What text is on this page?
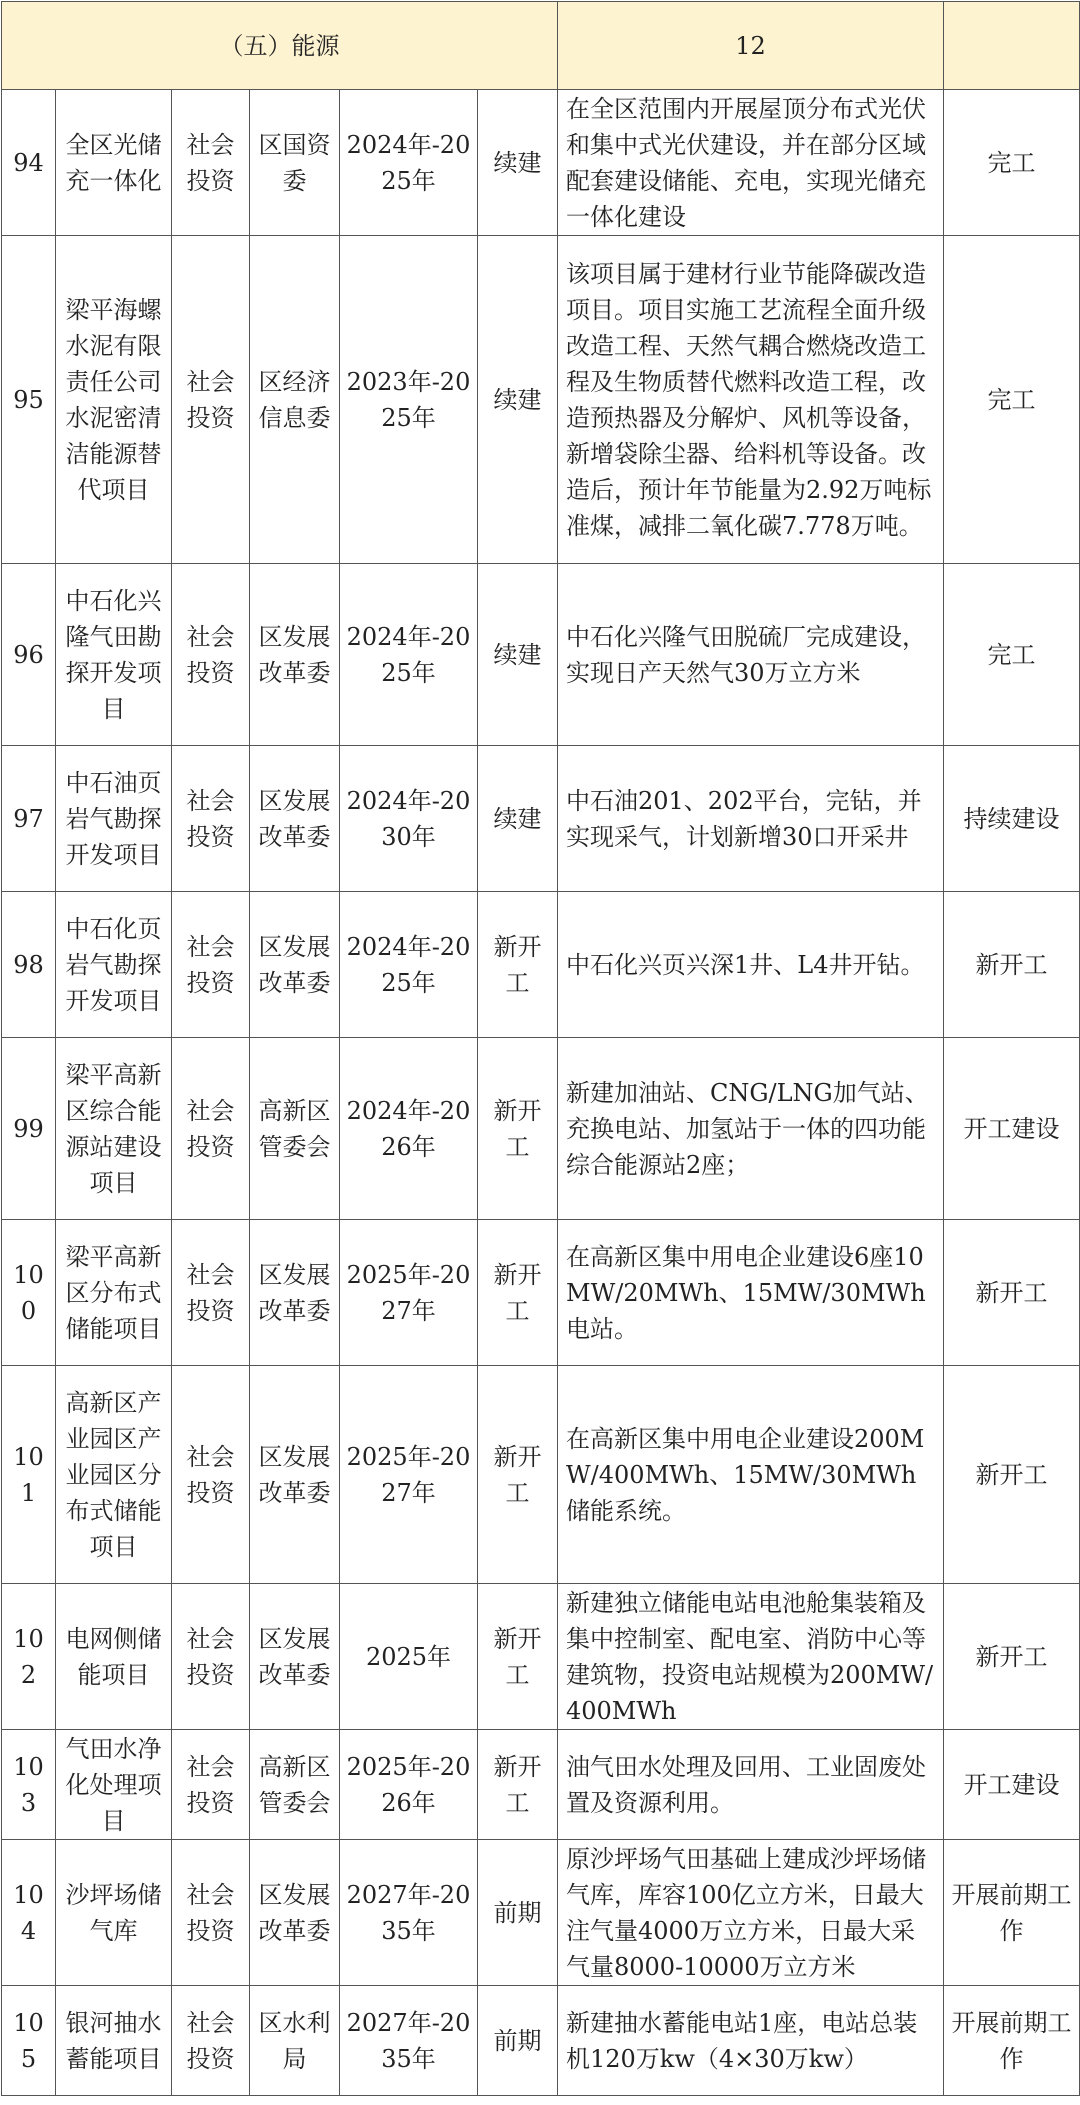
（五）能源						12	
94	全区光储充一体化	社会投资	区国资委	2024年-2025年	续建	在全区范围内开展屋顶分布式光伏和集中式光伏建设，并在部分区域配套建设储能、充电，实现光储充一体化建设	完工
95	梁平海螺水泥有限责任公司水泥密清洁能源替代项目	社会投资	区经济信息委	2023年-2025年	续建	该项目属于建材行业节能降碳改造项目。项目实施工艺流程全面升级改造工程、天然气耦合燃烧改造工程及生物质替代燃料改造工程，改造预热器及分解炉、风机等设备，新增袋除尘器、给料机等设备。改造后，预计年节能量为2.92万吨标准煤，减排二氧化碳7.778万吨。	完工
96	中石化兴隆气田勘探开发项目	社会投资	区发展改革委	2024年-2025年	续建	中石化兴隆气田脱硫厂完成建设，实现日产天然气30万立方米	完工
97	中石油页岩气勘探开发项目	社会投资	区发展改革委	2024年-2030年	续建	中石油201、202平台，完钻，并实现采气，计划新增30口开采井	持续建设
98	中石化页岩气勘探开发项目	社会投资	区发展改革委	2024年-2025年	新开工	中石化兴页兴深1井、L4井开钻。	新开工
99	梁平高新区综合能源站建设项目	社会投资	高新区管委会	2024年-2026年	新开工	新建加油站、CNG/LNG加气站、充换电站、加氢站于一体的四功能综合能源站2座；	开工建设
100	梁平高新区分布式储能项目	社会投资	区发展改革委	2025年-2027年	新开工	在高新区集中用电企业建设6座10MW/20MWh、15MW/30MWh电站。	新开工
101	高新区产业园区产业园区分布式储能项目	社会投资	区发展改革委	2025年-2027年	新开工	在高新区集中用电企业建设200MW/400MWh、15MW/30MWh储能系统。	新开工
102	电网侧储能项目	社会投资	区发展改革委	2025年	新开工	新建独立储能电站电池舱集装箱及集中控制室、配电室、消防中心等建筑物，投资电站规模为200MW/400MWh	新开工
103	气田水净化处理项目	社会投资	高新区管委会	2025年-2026年	新开工	油气田水处理及回用、工业固废处置及资源利用。	开工建设
104	沙坪场储气库	社会投资	区发展改革委	2027年-2035年	前期	原沙坪场气田基础上建成沙坪场储气库，库容100亿立方米，日最大注气量4000万立方米，日最大采气量8000-10000万立方米	开展前期工作
105	银河抽水蓄能项目	社会投资	区水利局	2027年-2035年	前期	新建抽水蓄能电站1座，电站总装机120万kw（4×30万kw）	开展前期工作
